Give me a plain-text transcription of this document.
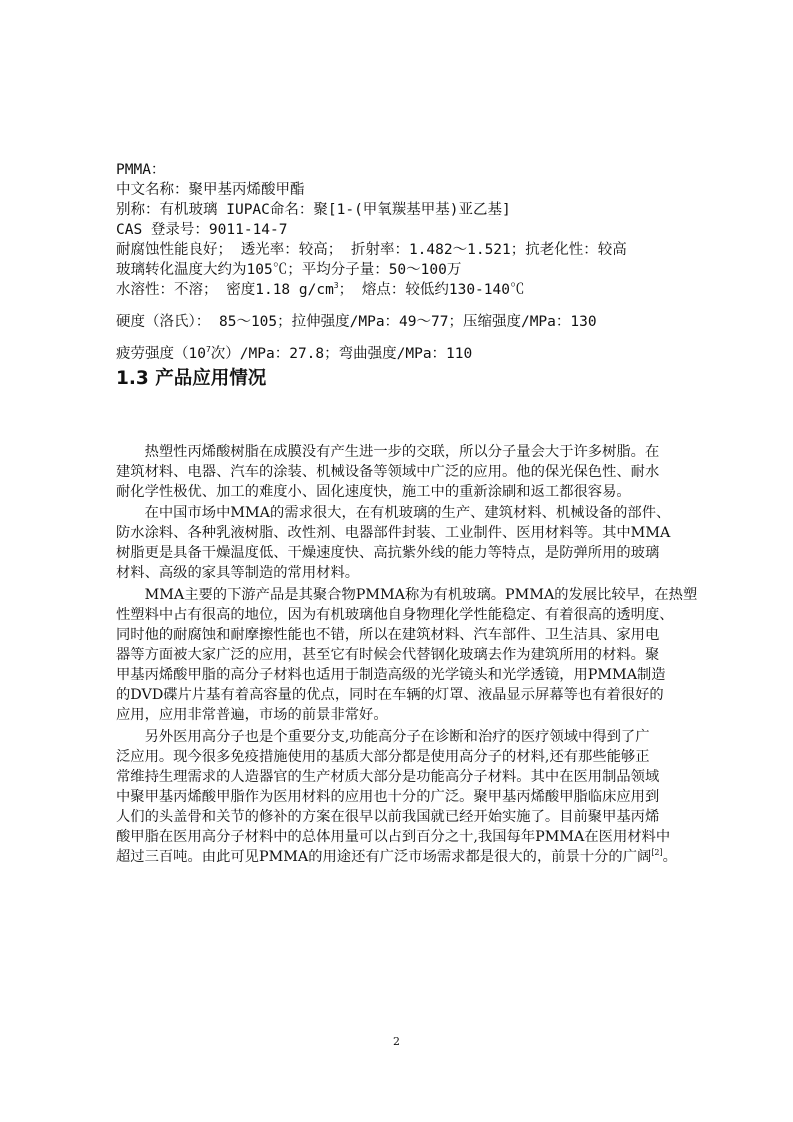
PMMA：
中文名称：聚甲基丙烯酸甲酯
别称：有机玻璃 IUPAC命名：聚[1-(甲氧羰基甲基)亚乙基]
CAS 登录号：9011-14-7
耐腐蚀性能良好； 透光率：较高； 折射率：1.482～1.521；抗老化性：较高
玻璃转化温度大约为105℃；平均分子量：50～100万
水溶性：不溶； 密度1.18 $g/cm^3$； 熔点：较低约130-140℃
硬度（洛氏）： 85～105；拉伸强度/MPa：49～77；压缩强度/MPa：130
疲劳强度（$10^7$次）/MPa：27.8；弯曲强度/MPa：110
1.3 产品应用情况
　　热塑性丙烯酸树脂在成膜没有产生进一步的交联，所以分子量会大于许多树脂。在
建筑材料、电器、汽车的涂装、机械设备等领域中广泛的应用。他的保光保色性、耐水
耐化学性极优、加工的难度小、固化速度快，施工中的重新涂刷和返工都很容易。
　　在中国市场中MMA的需求很大，在有机玻璃的生产、建筑材料、机械设备的部件、
防水涂料、各种乳液树脂、改性剂、电器部件封装、工业制件、医用材料等。其中MMA
树脂更是具备干燥温度低、干燥速度快、高抗紫外线的能力等特点，是防弹所用的玻璃
材料、高级的家具等制造的常用材料。
　　MMA主要的下游产品是其聚合物PMMA称为有机玻璃。PMMA的发展比较早，在热塑
性塑料中占有很高的地位，因为有机玻璃他自身物理化学性能稳定、有着很高的透明度、
同时他的耐腐蚀和耐摩擦性能也不错，所以在建筑材料、汽车部件、卫生洁具、家用电
器等方面被大家广泛的应用，甚至它有时候会代替钢化玻璃去作为建筑所用的材料。聚
甲基丙烯酸甲脂的高分子材料也适用于制造高级的光学镜头和光学透镜，用PMMA制造
的DVD碟片片基有着高容量的优点，同时在车辆的灯罩、液晶显示屏幕等也有着很好的
应用，应用非常普遍，市场的前景非常好。
　　另外医用高分子也是个重要分支,功能高分子在诊断和治疗的医疗领域中得到了广
泛应用。现今很多免疫措施使用的基质大部分都是使用高分子的材料,还有那些能够正
常维持生理需求的人造器官的生产材质大部分是功能高分子材料。其中在医用制品领域
中聚甲基丙烯酸甲脂作为医用材料的应用也十分的广泛。聚甲基丙烯酸甲脂临床应用到
人们的头盖骨和关节的修补的方案在很早以前我国就已经开始实施了。目前聚甲基丙烯
酸甲脂在医用高分子材料中的总体用量可以占到百分之十,我国每年PMMA在医用材料中
超过三百吨。由此可见PMMA的用途还有广泛市场需求都是很大的，前景十分的广阔[2]。
2
